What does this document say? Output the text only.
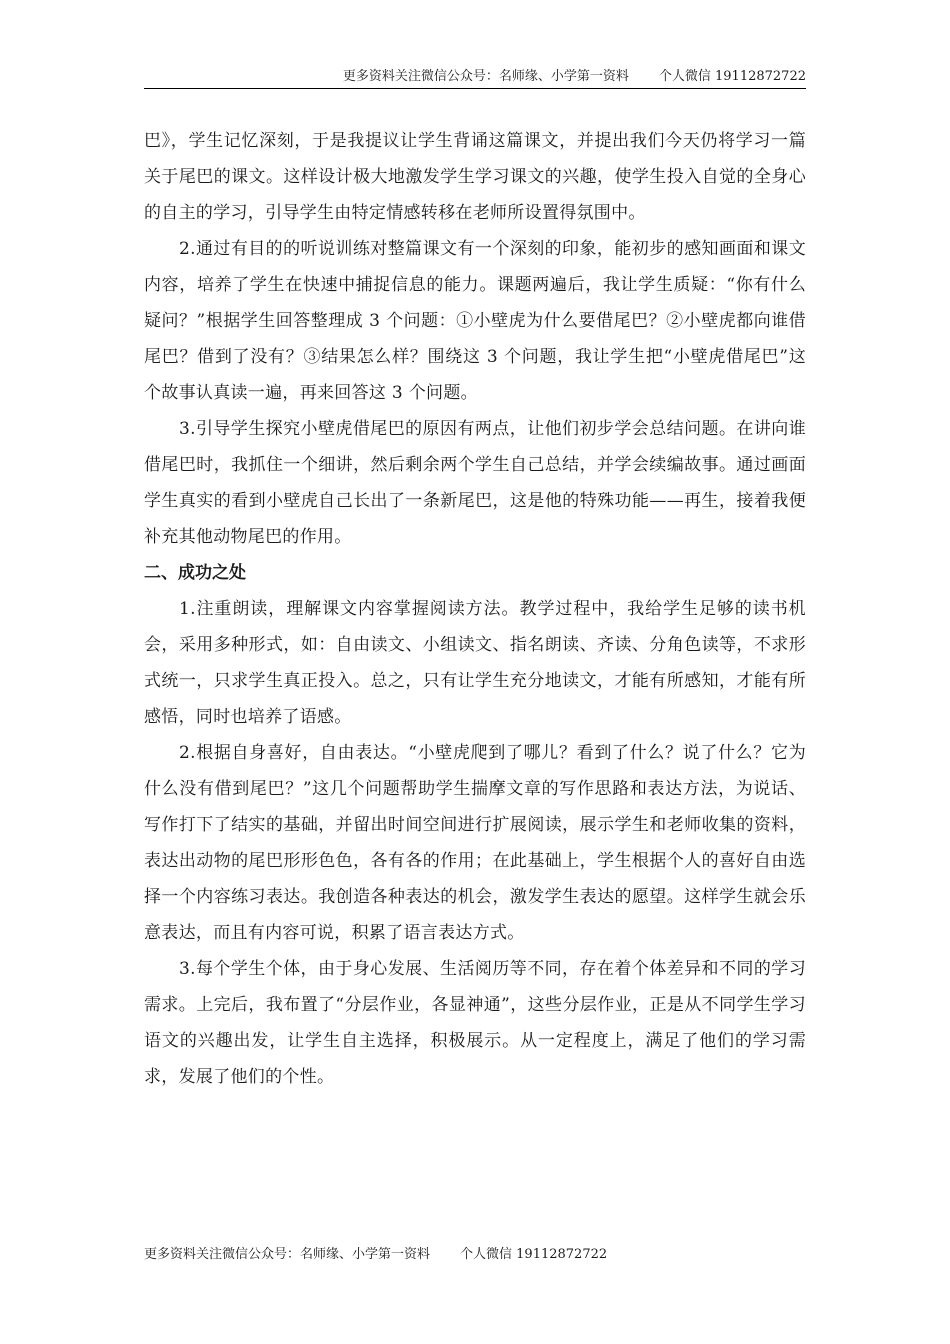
更多资料关注微信公众号：名师缘、小学第一资料 个人微信 19112872722

巴》，学生记忆深刻，于是我提议让学生背诵这篇课文，并提出我们今天仍将学习一篇关于尾巴的课文。这样设计极大地激发学生学习课文的兴趣，使学生投入自觉的全身心的自主的学习，引导学生由特定情感转移在老师所设置得氛围中。

2.通过有目的的听说训练对整篇课文有一个深刻的印象，能初步的感知画面和课文内容，培养了学生在快速中捕捉信息的能力。课题两遍后，我让学生质疑：“你有什么疑问？”根据学生回答整理成 3 个问题：①小壁虎为什么要借尾巴？②小壁虎都向谁借尾巴？借到了没有？③结果怎么样？围绕这 3 个问题，我让学生把“小壁虎借尾巴”这个故事认真读一遍，再来回答这 3 个问题。

3.引导学生探究小壁虎借尾巴的原因有两点，让他们初步学会总结问题。在讲向谁借尾巴时，我抓住一个细讲，然后剩余两个学生自己总结，并学会续编故事。通过画面学生真实的看到小壁虎自己长出了一条新尾巴，这是他的特殊功能——再生，接着我便补充其他动物尾巴的作用。

二、成功之处

1.注重朗读，理解课文内容掌握阅读方法。教学过程中，我给学生足够的读书机会，采用多种形式，如：自由读文、小组读文、指名朗读、齐读、分角色读等，不求形式统一，只求学生真正投入。总之，只有让学生充分地读文，才能有所感知，才能有所感悟，同时也培养了语感。

2.根据自身喜好，自由表达。“小壁虎爬到了哪儿？看到了什么？说了什么？它为什么没有借到尾巴？”这几个问题帮助学生揣摩文章的写作思路和表达方法，为说话、写作打下了结实的基础，并留出时间空间进行扩展阅读，展示学生和老师收集的资料，表达出动物的尾巴形形色色，各有各的作用；在此基础上，学生根据个人的喜好自由选择一个内容练习表达。我创造各种表达的机会，激发学生表达的愿望。这样学生就会乐意表达，而且有内容可说，积累了语言表达方式。

3.每个学生个体，由于身心发展、生活阅历等不同，存在着个体差异和不同的学习需求。上完后，我布置了“分层作业，各显神通”，这些分层作业，正是从不同学生学习语文的兴趣出发，让学生自主选择，积极展示。从一定程度上，满足了他们的学习需求，发展了他们的个性。

更多资料关注微信公众号：名师缘、小学第一资料 个人微信 19112872722
